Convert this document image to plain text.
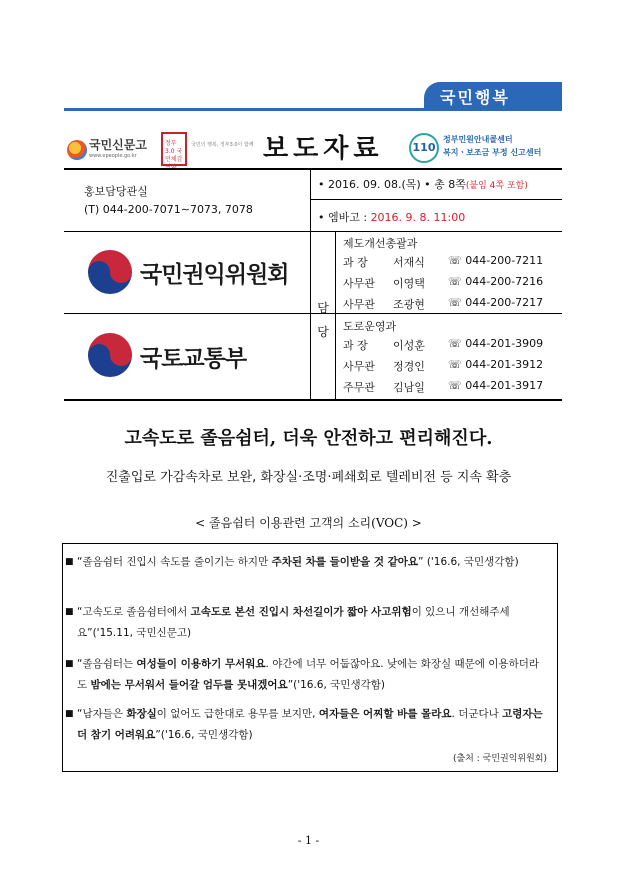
국민행복
국민신문고
www.epeople.go.kr
정부3.0 국민체감
국민의 행복, 정부3.0이 함께 보도자료	110
정부민원안내콜센터
복지ㆍ보조금 부정 신고센터
홍보담당관실
(T) 044-200-7071∼7073, 7078
• 2016. 09. 08.(목) • 총 8쪽(붙임 4쪽 포함)
• 엠바고 : 2016. 9. 8. 11:00
국민권익위원회
국토교통부
담 당
제도개선총괄과
과 장 서재식 ☏ 044-200-7211
사무관 이영택 ☏ 044-200-7216
사무관 조광현 ☏ 044-200-7217
도로운영과
과 장 이성훈 ☏ 044-201-3909
사무관 정경인 ☏ 044-201-3912
주무관 김남일 ☏ 044-201-3917
고속도로 졸음쉼터, 더욱 안전하고 편리해진다.
진출입로 가감속차로 보완, 화장실·조명·폐쇄회로 텔레비전 등 지속 확충
< 졸음쉼터 이용관련 고객의 소리(VOC) >
■ “졸음쉼터 진입시 속도를 줄이기는 하지만 주차된 차를 들이받을 것 같아요” ('16.6, 국민생각함)
■ “고속도로 졸음쉼터에서 고속도로 본선 진입시 차선길이가 짧아 사고위험이 있으니 개선해주세요”('15.11, 국민신문고)
■ “졸음쉼터는 여성들이 이용하기 무서워요. 야간에 너무 어둡잖아요. 낮에는 화장실 때문에 이용하더라도 밤에는 무서워서 들어갈 엄두를 못내겠어요”('16.6, 국민생각함)
■ “남자들은 화장실이 없어도 급한대로 용무를 보지만, 여자들은 어찌할 바를 몰라요. 더군다나 고령자는 더 참기 어려워요”('16.6, 국민생각함)
(출처 : 국민권익위원회)
- 1 -
